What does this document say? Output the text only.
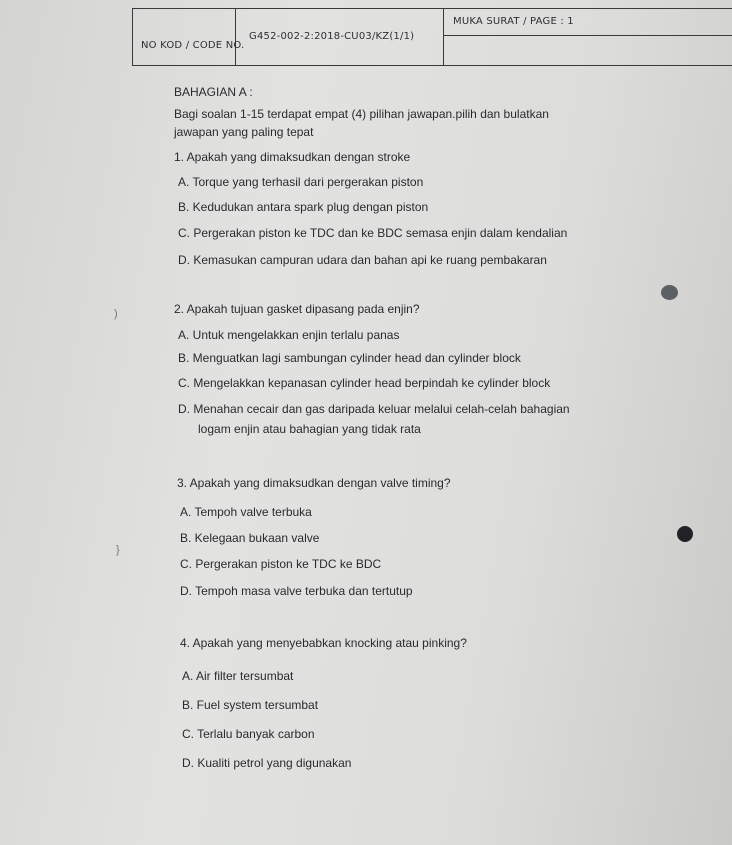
NO KOD / CODE NO.
G452-002-2:2018-CU03/KZ(1/1)
MUKA SURAT / PAGE : 1
BAHAGIAN A :
Bagi soalan 1-15 terdapat empat (4) pilihan jawapan.pilih dan bulatkan
jawapan yang paling tepat
1. Apakah yang dimaksudkan dengan stroke
A. Torque yang terhasil dari pergerakan piston
B. Kedudukan antara spark plug dengan piston
C. Pergerakan piston ke TDC dan ke BDC semasa enjin dalam kendalian
D. Kemasukan campuran udara dan bahan api ke ruang pembakaran
2. Apakah tujuan gasket dipasang pada enjin?
A. Untuk mengelakkan enjin terlalu panas
B. Menguatkan lagi sambungan cylinder head dan cylinder block
C. Mengelakkan kepanasan cylinder head berpindah ke cylinder block
D. Menahan cecair dan gas daripada keluar melalui celah-celah bahagian
logam enjin atau bahagian yang tidak rata
3. Apakah yang dimaksudkan dengan valve timing?
A. Tempoh valve terbuka
B. Kelegaan bukaan valve
C. Pergerakan piston ke TDC ke BDC
D. Tempoh masa valve terbuka dan tertutup
4. Apakah yang menyebabkan knocking atau pinking?
A. Air filter tersumbat
B. Fuel system tersumbat
C. Terlalu banyak carbon
D. Kualiti petrol yang digunakan
)
}
